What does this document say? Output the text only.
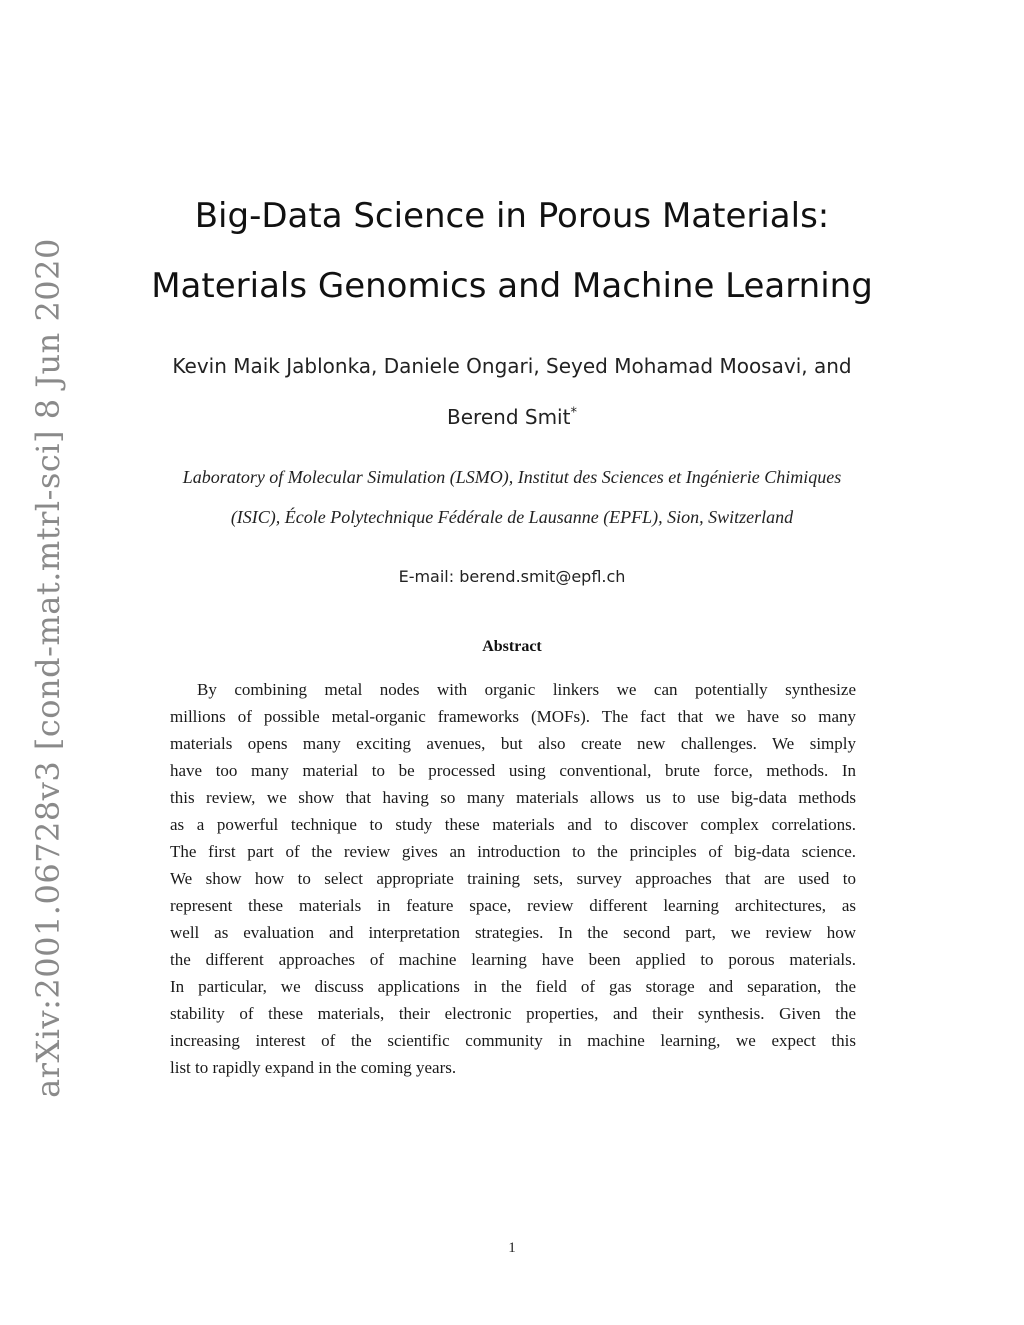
arXiv:2001.06728v3 [cond-mat.mtrl-sci] 8 Jun 2020
Big-Data Science in Porous Materials:
Materials Genomics and Machine Learning
Kevin Maik Jablonka, Daniele Ongari, Seyed Mohamad Moosavi, and
Berend Smit*
Laboratory of Molecular Simulation (LSMO), Institut des Sciences et Ingénierie Chimiques
(ISIC), École Polytechnique Fédérale de Lausanne (EPFL), Sion, Switzerland
E-mail: berend.smit@epfl.ch
Abstract
By combining metal nodes with organic linkers we can potentially synthesize
millions of possible metal-organic frameworks (MOFs). The fact that we have so many
materials opens many exciting avenues, but also create new challenges. We simply
have too many material to be processed using conventional, brute force, methods. In
this review, we show that having so many materials allows us to use big-data methods
as a powerful technique to study these materials and to discover complex correlations.
The first part of the review gives an introduction to the principles of big-data science.
We show how to select appropriate training sets, survey approaches that are used to
represent these materials in feature space, review different learning architectures, as
well as evaluation and interpretation strategies. In the second part, we review how
the different approaches of machine learning have been applied to porous materials.
In particular, we discuss applications in the field of gas storage and separation, the
stability of these materials, their electronic properties, and their synthesis. Given the
increasing interest of the scientific community in machine learning, we expect this
list to rapidly expand in the coming years.
1
